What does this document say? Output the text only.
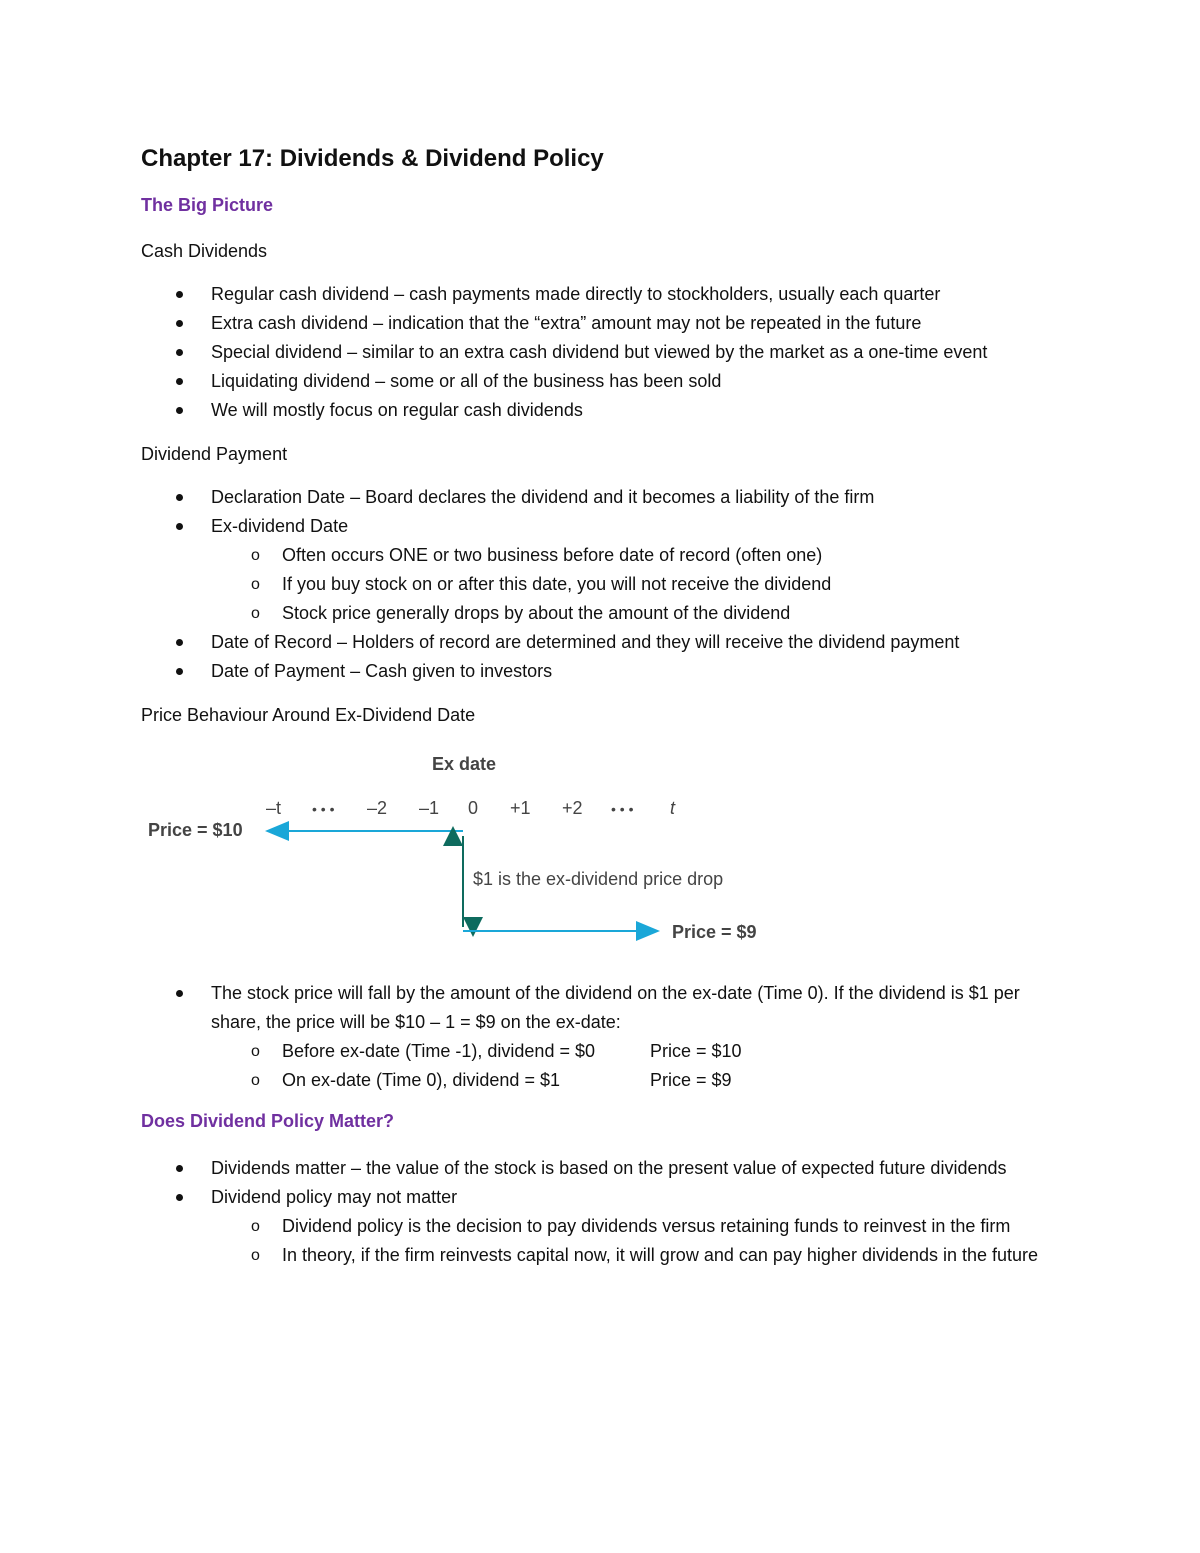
Chapter 17: Dividends & Dividend Policy
The Big Picture
Cash Dividends
Regular cash dividend – cash payments made directly to stockholders, usually each quarter
Extra cash dividend – indication that the “extra” amount may not be repeated in the future
Special dividend – similar to an extra cash dividend but viewed by the market as a one-time event
Liquidating dividend – some or all of the business has been sold
We will mostly focus on regular cash dividends
Dividend Payment
Declaration Date – Board declares the dividend and it becomes a liability of the firm
Ex-dividend Date
o Often occurs ONE or two business before date of record (often one)
o If you buy stock on or after this date, you will not receive the dividend
o Stock price generally drops by about the amount of the dividend
Date of Record – Holders of record are determined and they will receive the dividend payment
Date of Payment – Cash given to investors
Price Behaviour Around Ex-Dividend Date
Ex date
–t • • • –2 –1 0 +1 +2 • • • t
Price = $10
$1 is the ex-dividend price drop
Price = $9
The stock price will fall by the amount of the dividend on the ex-date (Time 0). If the dividend is $1 per share, the price will be $10 – 1 = $9 on the ex-date:
o Before ex-date (Time -1), dividend = $0	Price = $10
o On ex-date (Time 0), dividend = $1	Price = $9
Does Dividend Policy Matter?
Dividends matter – the value of the stock is based on the present value of expected future dividends
Dividend policy may not matter
o Dividend policy is the decision to pay dividends versus retaining funds to reinvest in the firm
o In theory, if the firm reinvests capital now, it will grow and can pay higher dividends in the future
